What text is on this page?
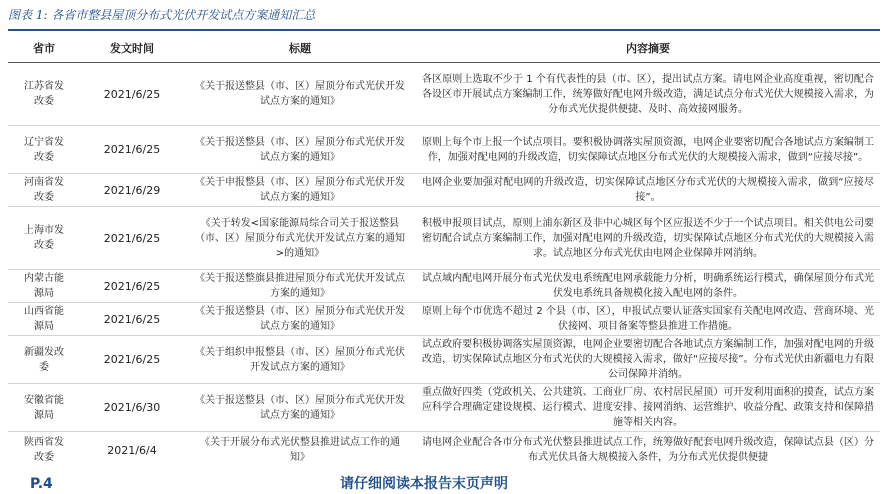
图表 1: 各省市整县屋顶分布式光伏开发试点方案通知汇总
省市	发文时间	标题	内容摘要
江苏省发改委	2021/6/25	《关于报送整县（市、区）屋顶分布式光伏开发试点方案的通知》	各区原则上选取不少于 1 个有代表性的县（市、区），提出试点方案。请电网企业高度重视，密切配合各设区市开展试点方案编制工作，统筹做好配电网升级改造，满足试点分布式光伏大规模接入需求，为分布式光伏提供便捷、及时、高效接网服务。
辽宁省发改委	2021/6/25	《关于报送整县（市、区）屋顶分布式光伏开发试点方案的通知》	原则上每个市上报一个试点项目。要积极协调落实屋顶资源，电网企业要密切配合各地试点方案编制工作，加强对配电网的升级改造，切实保障试点地区分布式光伏的大规模接入需求，做到“应接尽接”。
河南省发改委	2021/6/29	《关于申报整县（市、区）屋顶分布式光伏开发试点方案的通知》	电网企业要加强对配电网的升级改造，切实保障试点地区分布式光伏的大规模接入需求，做到“应接尽接”。
上海市发改委	2021/6/25	《关于转发<国家能源局综合司关于报送整县（市、区）屋顶分布式光伏开发试点方案的通知>的通知》	积极申报项目试点，原则上浦东新区及非中心城区每个区应报送不少于一个试点项目。相关供电公司要密切配合试点方案编制工作，加强对配电网的升级改造，切实保障试点地区分布式光伏的大规模接入需求。试点地区分布式光伏由电网企业保障并网消纳。
内蒙古能源局	2021/6/25	《关于报送整旗县推进屋顶分布式光伏开发试点方案的通知》	试点域内配电网开展分布式光伏发电系统配电网承载能力分析，明确系统运行模式，确保屋顶分布式光伏发电系统具备规模化接入配电网的条件。
山西省能源局	2021/6/25	《关于报送整县（市、区）屋顶分布式光伏开发试点方案的通知》	原则上每个市优选不超过 2 个县（市、区），申报试点要认证落实国家有关配电网改造、营商环境、光伏接网、项目备案等整县推进工作措施。
新疆发改委	2021/6/25	《关于组织申报整县（市、区）屋顶分布式光伏开发试点方案的通知》	试点政府要积极协调落实屋顶资源，电网企业要密切配合各地试点方案编制工作，加强对配电网的升级改造，切实保障试点地区分布式光伏的大规模接入需求，做好“应接尽接”。分布式光伏由新疆电力有限公司保障并消纳。
安徽省能源局	2021/6/30	《关于报送整县（市、区）屋顶分布式光伏开发试点方案的通知》	重点做好四类（党政机关、公共建筑、工商业厂房、农村居民屋顶）可开发利用面积的摸查，试点方案应科学合理确定建设规模、运行模式、进度安排、接网消纳、运营维护、收益分配、政策支持和保障措施等相关内容。
陕西省发改委	2021/6/4	《关于开展分布式光伏整县推进试点工作的通知》	请电网企业配合各市分布式光伏整县推进试点工作，统筹做好配套电网升级改造，保障试点县（区）分布式光伏具备大规模接入条件，为分布式光伏提供便捷
P.4	请仔细阅读本报告末页声明
